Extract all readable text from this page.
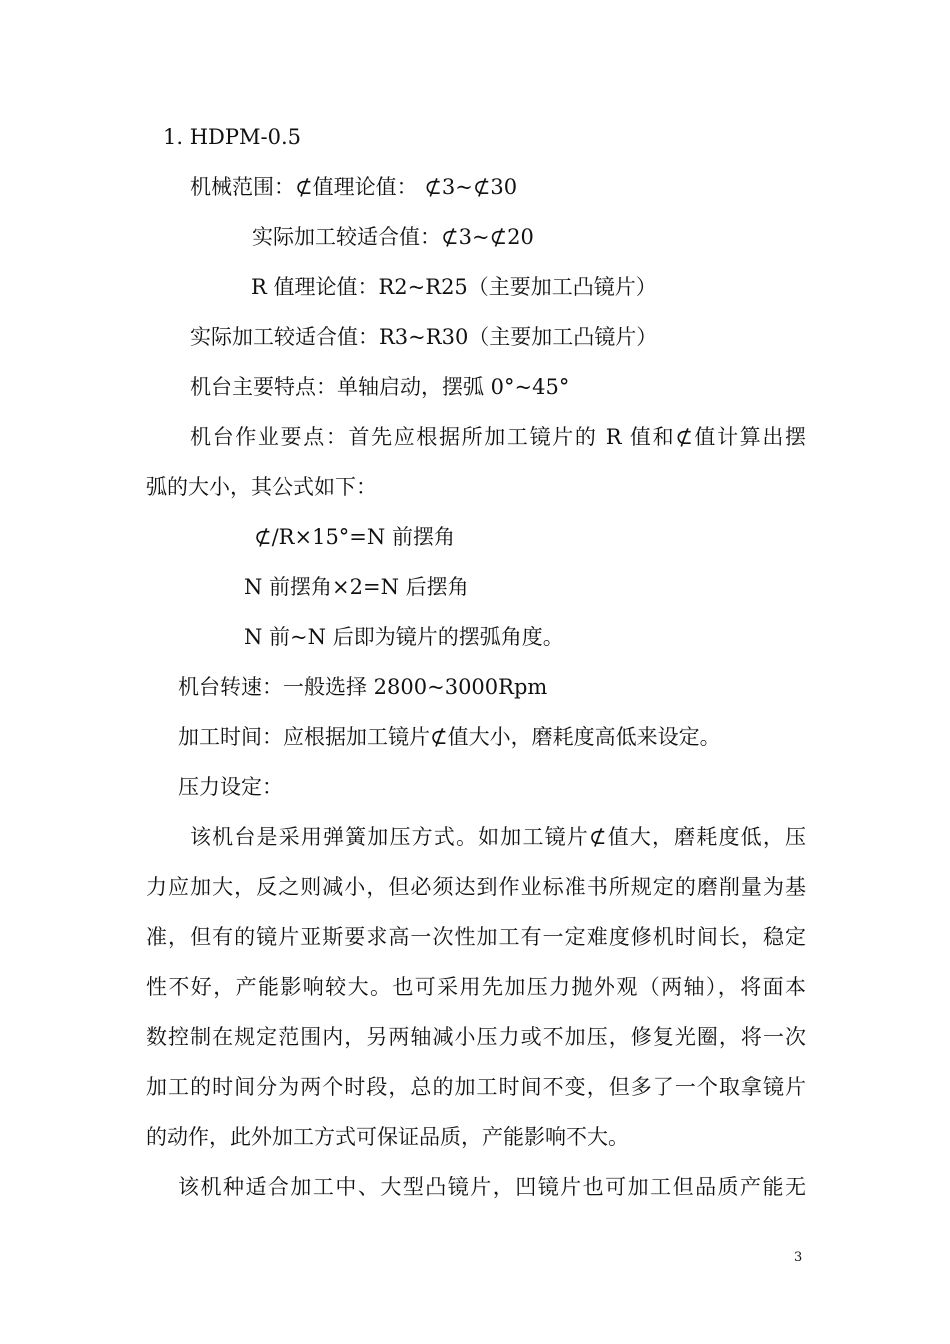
1. HDPM-0.5
机械范围：⊄值理论值： ⊄3~⊄30
实际加工较适合值：⊄3~⊄20
R 值理论值：R2~R25（主要加工凸镜片）
实际加工较适合值：R3~R30（主要加工凸镜片）
机台主要特点：单轴启动，摆弧 0°~45°
机台作业要点：首先应根据所加工镜片的 R 值和⊄值计算出摆
弧的大小，其公式如下：
⊄/R×15°=N 前摆角
N 前摆角×2=N 后摆角
N 前~N 后即为镜片的摆弧角度。
机台转速：一般选择 2800~3000Rpm
加工时间：应根据加工镜片⊄值大小，磨耗度高低来设定。
压力设定：
该机台是采用弹簧加压方式。如加工镜片⊄值大，磨耗度低，压
力应加大，反之则减小，但必须达到作业标准书所规定的磨削量为基
准，但有的镜片亚斯要求高一次性加工有一定难度修机时间长，稳定
性不好，产能影响较大。也可采用先加压力抛外观（两轴），将面本
数控制在规定范围内，另两轴减小压力或不加压，修复光圈，将一次
加工的时间分为两个时段，总的加工时间不变，但多了一个取拿镜片
的动作，此外加工方式可保证品质，产能影响不大。
该机种适合加工中、大型凸镜片，凹镜片也可加工但品质产能无
3
